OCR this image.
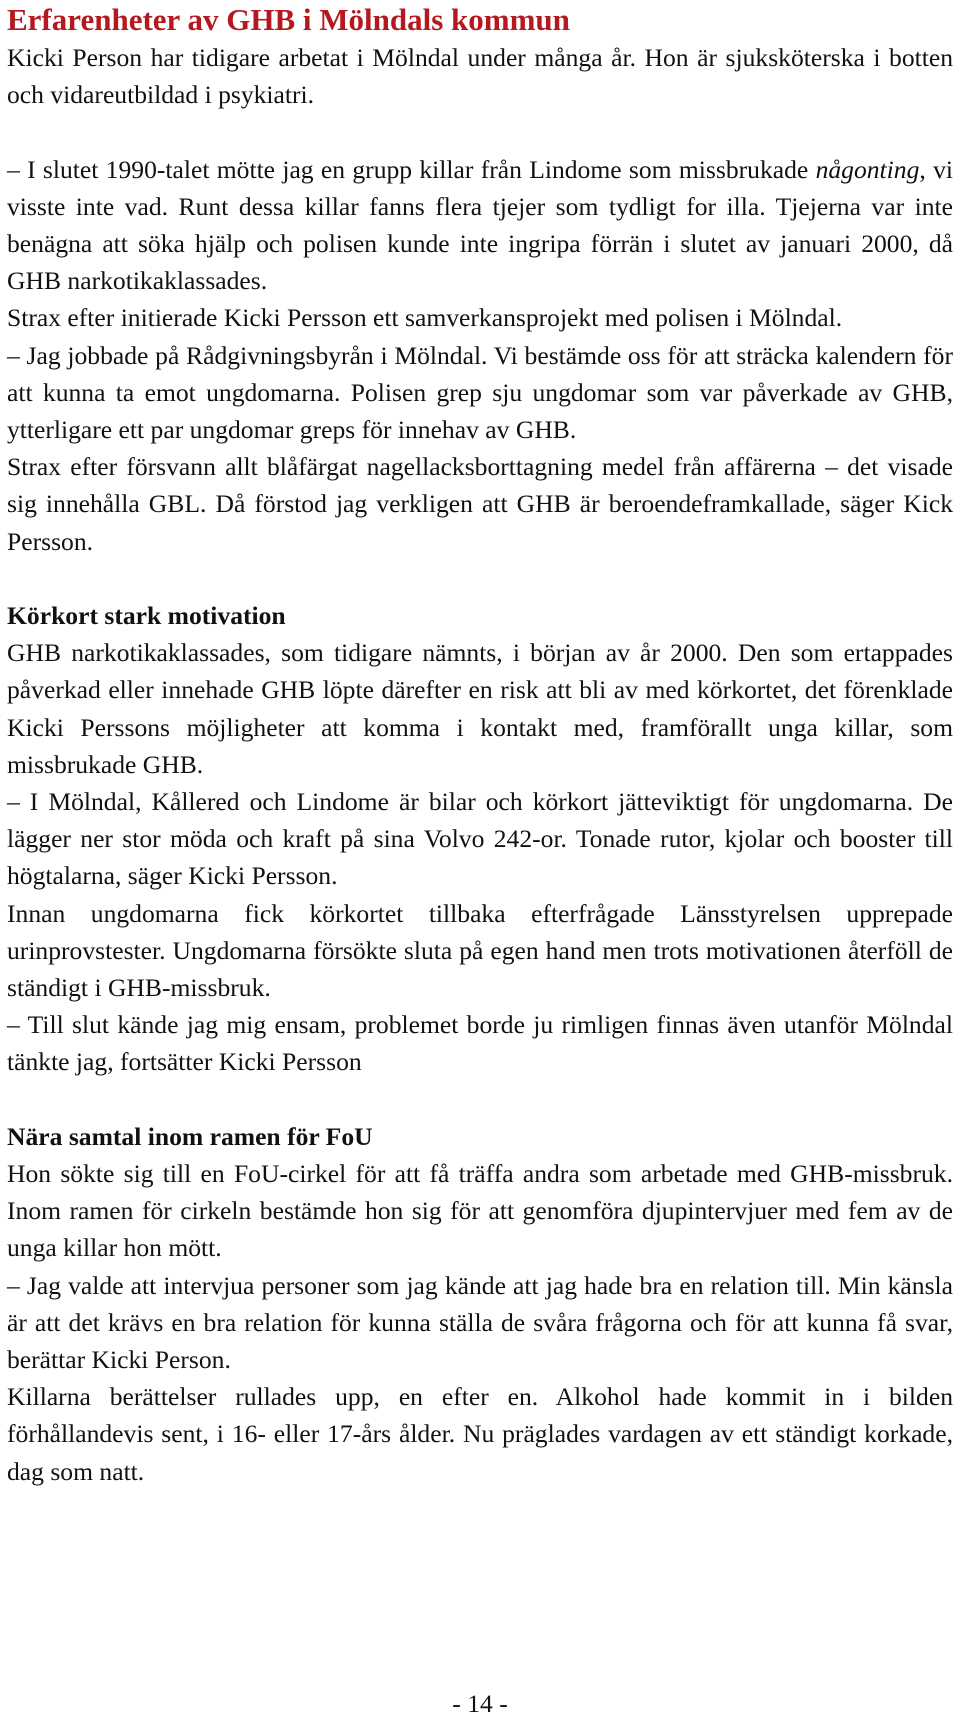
Erfarenheter av GHB i Mölndals kommun

Kicki Person har tidigare arbetat i Mölndal under många år. Hon är sjuksköterska i botten och vidareutbildad i psykiatri.

– I slutet 1990-talet mötte jag en grupp killar från Lindome som missbrukade någonting, vi visste inte vad. Runt dessa killar fanns flera tjejer som tydligt for illa. Tjejerna var inte benägna att söka hjälp och polisen kunde inte ingripa förrän i slutet av januari 2000, då GHB narkotikaklassades.

Strax efter initierade Kicki Persson ett samverkansprojekt med polisen i Mölndal.

– Jag jobbade på Rådgivningsbyrån i Mölndal. Vi bestämde oss för att sträcka kalendern för att kunna ta emot ungdomarna. Polisen grep sju ungdomar som var påverkade av GHB, ytterligare ett par ungdomar greps för innehav av GHB.

Strax efter försvann allt blåfärgat nagellacksborttagning medel från affärerna – det visade sig innehålla GBL. Då förstod jag verkligen att GHB är beroendeframkallade, säger Kick Persson.

Körkort stark motivation

GHB narkotikaklassades, som tidigare nämnts, i början av år 2000. Den som ertappades påverkad eller innehade GHB löpte därefter en risk att bli av med körkortet, det förenklade Kicki Perssons möjligheter att komma i kontakt med, framförallt unga killar, som missbrukade GHB.

– I Mölndal, Kållered och Lindome är bilar och körkort jätteviktigt för ungdomarna. De lägger ner stor möda och kraft på sina Volvo 242-or. Tonade rutor, kjolar och booster till högtalarna, säger Kicki Persson.

Innan ungdomarna fick körkortet tillbaka efterfrågade Länsstyrelsen upprepade urinprovstester. Ungdomarna försökte sluta på egen hand men trots motivationen återföll de ständigt i GHB-missbruk.

– Till slut kände jag mig ensam, problemet borde ju rimligen finnas även utanför Mölndal tänkte jag, fortsätter Kicki Persson

Nära samtal inom ramen för FoU

Hon sökte sig till en FoU-cirkel för att få träffa andra som arbetade med GHB-missbruk. Inom ramen för cirkeln bestämde hon sig för att genomföra djupintervjuer med fem av de unga killar hon mött.

– Jag valde att intervjua personer som jag kände att jag hade bra en relation till. Min känsla är att det krävs en bra relation för kunna ställa de svåra frågorna och för att kunna få svar, berättar Kicki Person.

Killarna berättelser rullades upp, en efter en. Alkohol hade kommit in i bilden förhållandevis sent, i 16- eller 17-års ålder. Nu präglades vardagen av ett ständigt korkade, dag som natt.

- 14 -
